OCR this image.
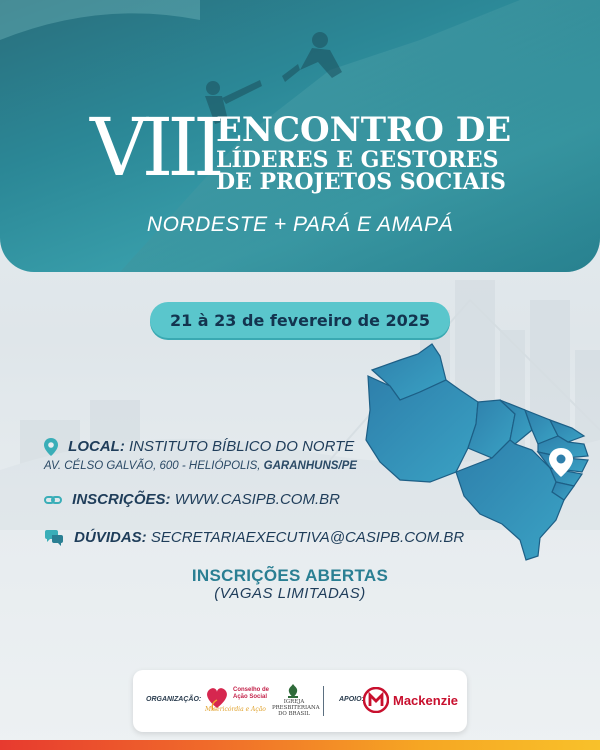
VIII
ENCONTRO DE
LÍDERES E GESTORES
DE PROJETOS SOCIAIS
NORDESTE + PARÁ E AMAPÁ
21 à 23 de fevereiro de 2025
LOCAL: INSTITUTO BÍBLICO DO NORTE
AV. CÉLSO GALVÃO, 600 - HELIÓPOLIS, GARANHUNS/PE
INSCRIÇÕES: WWW.CASIPB.COM.BR
DÚVIDAS: SECRETARIAEXECUTIVA@CASIPB.COM.BR
INSCRIÇÕES ABERTAS
(VAGAS LIMITADAS)
ORGANIZAÇÃO:
Conselho de
Ação Social
Misericórdia e Ação
IGREJA
PRESBITERIANA
DO BRASIL
APOIO: Mackenzie
